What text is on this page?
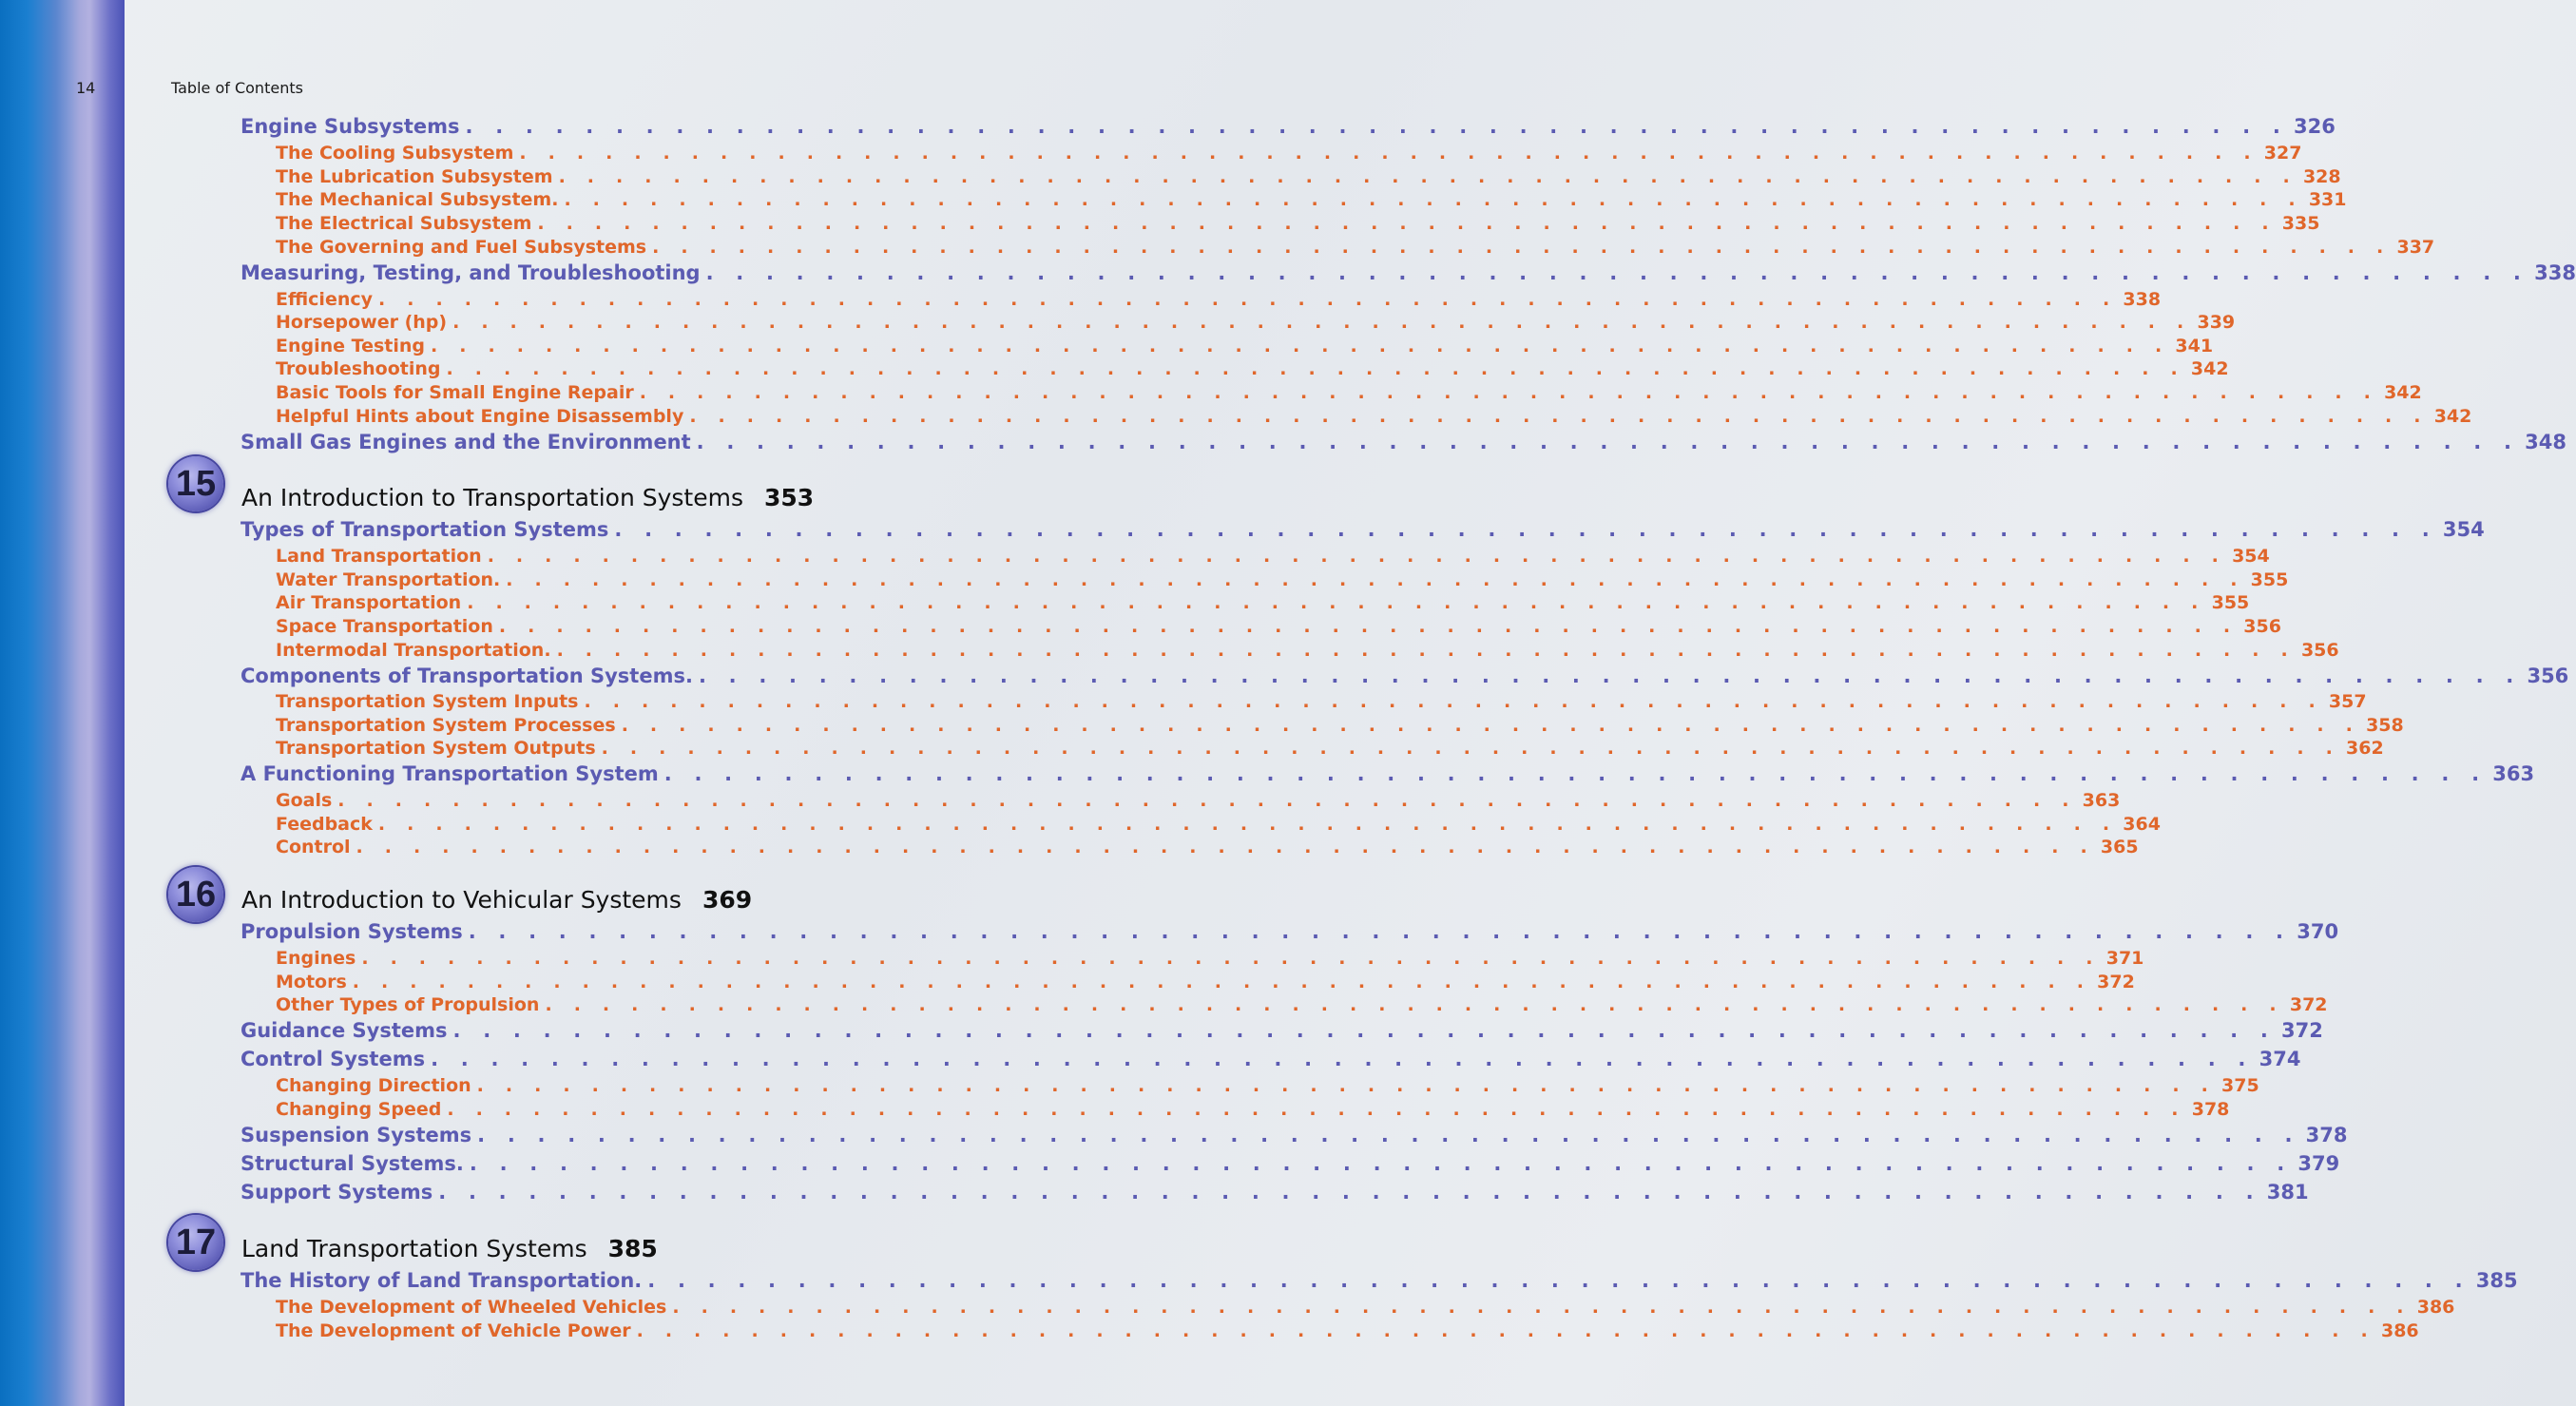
14	Table of Contents
Engine Subsystems . . . . . . . . . . . . . . . . . . . . . . . . . . . . . . . . . . . . . . . . . . . . . . . . . . . . . . . . . . . . . 326
The Cooling Subsystem . . . . . . . . . . . . . . . . . . . . . . . . . . . . . . . . . . . . . . . . . . . . . . . . . . . . . . . . . . . . . 327
The Lubrication Subsystem . . . . . . . . . . . . . . . . . . . . . . . . . . . . . . . . . . . . . . . . . . . . . . . . . . . . . . . . . . . . . 328
The Mechanical Subsystem. . . . . . . . . . . . . . . . . . . . . . . . . . . . . . . . . . . . . . . . . . . . . . . . . . . . . . . . . . . . . . 331
The Electrical Subsystem . . . . . . . . . . . . . . . . . . . . . . . . . . . . . . . . . . . . . . . . . . . . . . . . . . . . . . . . . . . . . 335
The Governing and Fuel Subsystems . . . . . . . . . . . . . . . . . . . . . . . . . . . . . . . . . . . . . . . . . . . . . . . . . . . . . . . . . . . . . 337
Measuring, Testing, and Troubleshooting . . . . . . . . . . . . . . . . . . . . . . . . . . . . . . . . . . . . . . . . . . . . . . . . . . . . . . . . . . . . . 338
Efficiency . . . . . . . . . . . . . . . . . . . . . . . . . . . . . . . . . . . . . . . . . . . . . . . . . . . . . . . . . . . . . 338
Horsepower (hp) . . . . . . . . . . . . . . . . . . . . . . . . . . . . . . . . . . . . . . . . . . . . . . . . . . . . . . . . . . . . . 339
Engine Testing . . . . . . . . . . . . . . . . . . . . . . . . . . . . . . . . . . . . . . . . . . . . . . . . . . . . . . . . . . . . . 341
Troubleshooting . . . . . . . . . . . . . . . . . . . . . . . . . . . . . . . . . . . . . . . . . . . . . . . . . . . . . . . . . . . . . 342
Basic Tools for Small Engine Repair . . . . . . . . . . . . . . . . . . . . . . . . . . . . . . . . . . . . . . . . . . . . . . . . . . . . . . . . . . . . . 342
Helpful Hints about Engine Disassembly . . . . . . . . . . . . . . . . . . . . . . . . . . . . . . . . . . . . . . . . . . . . . . . . . . . . . . . . . . . . . 342
Small Gas Engines and the Environment . . . . . . . . . . . . . . . . . . . . . . . . . . . . . . . . . . . . . . . . . . . . . . . . . . . . . . . . . . . . . 348
15	An Introduction to Transportation Systems 353
Types of Transportation Systems . . . . . . . . . . . . . . . . . . . . . . . . . . . . . . . . . . . . . . . . . . . . . . . . . . . . . . . . . . . . . 354
Land Transportation . . . . . . . . . . . . . . . . . . . . . . . . . . . . . . . . . . . . . . . . . . . . . . . . . . . . . . . . . . . . . 354
Water Transportation. . . . . . . . . . . . . . . . . . . . . . . . . . . . . . . . . . . . . . . . . . . . . . . . . . . . . . . . . . . . . . 355
Air Transportation . . . . . . . . . . . . . . . . . . . . . . . . . . . . . . . . . . . . . . . . . . . . . . . . . . . . . . . . . . . . . 355
Space Transportation . . . . . . . . . . . . . . . . . . . . . . . . . . . . . . . . . . . . . . . . . . . . . . . . . . . . . . . . . . . . . 356
Intermodal Transportation. . . . . . . . . . . . . . . . . . . . . . . . . . . . . . . . . . . . . . . . . . . . . . . . . . . . . . . . . . . . . . 356
Components of Transportation Systems. . . . . . . . . . . . . . . . . . . . . . . . . . . . . . . . . . . . . . . . . . . . . . . . . . . . . . . . . . . . . . 356
Transportation System Inputs . . . . . . . . . . . . . . . . . . . . . . . . . . . . . . . . . . . . . . . . . . . . . . . . . . . . . . . . . . . . . 357
Transportation System Processes . . . . . . . . . . . . . . . . . . . . . . . . . . . . . . . . . . . . . . . . . . . . . . . . . . . . . . . . . . . . . 358
Transportation System Outputs . . . . . . . . . . . . . . . . . . . . . . . . . . . . . . . . . . . . . . . . . . . . . . . . . . . . . . . . . . . . . 362
A Functioning Transportation System . . . . . . . . . . . . . . . . . . . . . . . . . . . . . . . . . . . . . . . . . . . . . . . . . . . . . . . . . . . . . 363
Goals . . . . . . . . . . . . . . . . . . . . . . . . . . . . . . . . . . . . . . . . . . . . . . . . . . . . . . . . . . . . . 363
Feedback . . . . . . . . . . . . . . . . . . . . . . . . . . . . . . . . . . . . . . . . . . . . . . . . . . . . . . . . . . . . . 364
Control . . . . . . . . . . . . . . . . . . . . . . . . . . . . . . . . . . . . . . . . . . . . . . . . . . . . . . . . . . . . . 365
16	An Introduction to Vehicular Systems 369
Propulsion Systems . . . . . . . . . . . . . . . . . . . . . . . . . . . . . . . . . . . . . . . . . . . . . . . . . . . . . . . . . . . . . 370
Engines . . . . . . . . . . . . . . . . . . . . . . . . . . . . . . . . . . . . . . . . . . . . . . . . . . . . . . . . . . . . . 371
Motors . . . . . . . . . . . . . . . . . . . . . . . . . . . . . . . . . . . . . . . . . . . . . . . . . . . . . . . . . . . . . 372
Other Types of Propulsion . . . . . . . . . . . . . . . . . . . . . . . . . . . . . . . . . . . . . . . . . . . . . . . . . . . . . . . . . . . . . 372
Guidance Systems . . . . . . . . . . . . . . . . . . . . . . . . . . . . . . . . . . . . . . . . . . . . . . . . . . . . . . . . . . . . . 372
Control Systems . . . . . . . . . . . . . . . . . . . . . . . . . . . . . . . . . . . . . . . . . . . . . . . . . . . . . . . . . . . . . 374
Changing Direction . . . . . . . . . . . . . . . . . . . . . . . . . . . . . . . . . . . . . . . . . . . . . . . . . . . . . . . . . . . . . 375
Changing Speed . . . . . . . . . . . . . . . . . . . . . . . . . . . . . . . . . . . . . . . . . . . . . . . . . . . . . . . . . . . . . 378
Suspension Systems . . . . . . . . . . . . . . . . . . . . . . . . . . . . . . . . . . . . . . . . . . . . . . . . . . . . . . . . . . . . . 378
Structural Systems. . . . . . . . . . . . . . . . . . . . . . . . . . . . . . . . . . . . . . . . . . . . . . . . . . . . . . . . . . . . . . 379
Support Systems . . . . . . . . . . . . . . . . . . . . . . . . . . . . . . . . . . . . . . . . . . . . . . . . . . . . . . . . . . . . . 381
17	Land Transportation Systems 385
The History of Land Transportation. . . . . . . . . . . . . . . . . . . . . . . . . . . . . . . . . . . . . . . . . . . . . . . . . . . . . . . . . . . . . . 385
The Development of Wheeled Vehicles . . . . . . . . . . . . . . . . . . . . . . . . . . . . . . . . . . . . . . . . . . . . . . . . . . . . . . . . . . . . . 386
The Development of Vehicle Power . . . . . . . . . . . . . . . . . . . . . . . . . . . . . . . . . . . . . . . . . . . . . . . . . . . . . . . . . . . . . 386
